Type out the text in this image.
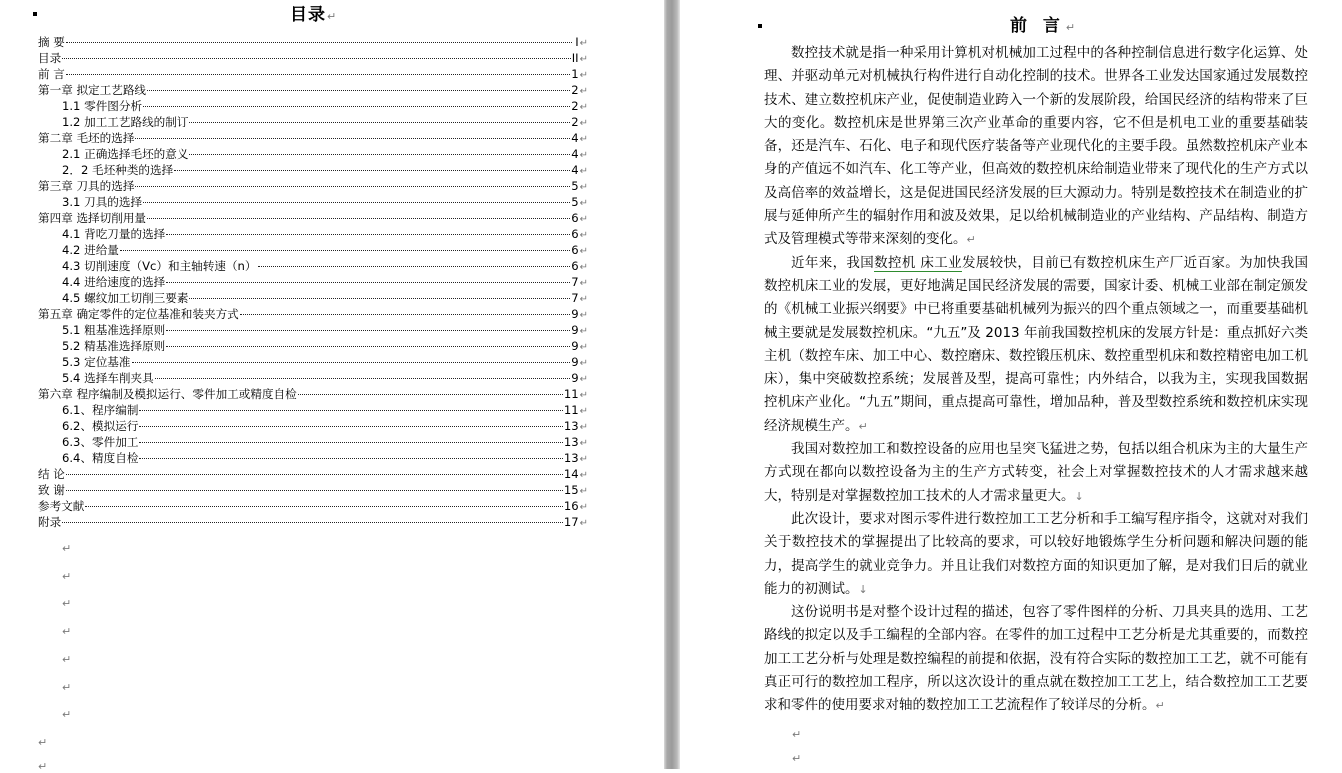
目录↵
摘 要	I ↵
目录	II ↵
前 言	1 ↵
第一章 拟定工艺路线	2 ↵
1.1 零件图分析	2 ↵
1.2 加工工艺路线的制订	2 ↵
第二章 毛坯的选择	4 ↵
2.1 正确选择毛坯的意义	4 ↵
2．2 毛坯种类的选择	4 ↵
第三章 刀具的选择	5 ↵
3.1 刀具的选择	5 ↵
第四章 选择切削用量	6 ↵
4.1 背吃刀量的选择	6 ↵
4.2 进给量	6 ↵
4.3 切削速度（Vc）和主轴转速（n）	6 ↵
4.4 进给速度的选择	7 ↵
4.5 螺纹加工切削三要素	7 ↵
第五章 确定零件的定位基准和装夹方式	9 ↵
5.1 粗基准选择原则	9 ↵
5.2 精基准选择原则	9 ↵
5.3 定位基准	9 ↵
5.4 选择车削夹具	9 ↵
第六章 程序编制及模拟运行、零件加工或精度自检	11 ↵
6.1、程序编制	11 ↵
6.2、模拟运行	13 ↵
6.3、零件加工	13 ↵
6.4、精度自检	13 ↵
结 论	14 ↵
致 谢	15 ↵
参考文献	16 ↵
附录	17 ↵
↵
↵
↵
↵
↵
↵
↵
↵
↵
↵
↵
前 言↵

数控技术就是指一种采用计算机对机械加工过程中的各种控制信息进行数字化运算、处理、并驱动单元对机械执行构件进行自动化控制的技术。世界各工业发达国家通过发展数控技术、建立数控机床产业，促使制造业跨入一个新的发展阶段，给国民经济的结构带来了巨大的变化。数控机床是世界第三次产业革命的重要内容，它不但是机电工业的重要基础装备，还是汽车、石化、电子和现代医疗装备等产业现代化的主要手段。虽然数控机床产业本身的产值远不如汽车、化工等产业，但高效的数控机床给制造业带来了现代化的生产方式以及高倍率的效益增长，这是促进国民经济发展的巨大源动力。特别是数控技术在制造业的扩展与延伸所产生的辐射作用和波及效果，足以给机械制造业的产业结构、产品结构、制造方式及管理模式等带来深刻的变化。↵

近年来，我国数控机 床工业发展较快，目前已有数控机床生产厂近百家。为加快我国数控机床工业的发展，更好地满足国民经济发展的需要，国家计委、机械工业部在制定颁发的《机械工业振兴纲要》中已将重要基础机械列为振兴的四个重点领域之一，而重要基础机械主要就是发展数控机床。“九五”及 2013 年前我国数控机床的发展方针是：重点抓好六类主机（数控车床、加工中心、数控磨床、数控锻压机床、数控重型机床和数控精密电加工机床），集中突破数控系统；发展普及型，提高可靠性；内外结合，以我为主，实现我国数据控机床产业化。“九五”期间，重点提高可靠性，增加品种，普及型数控系统和数控机床实现经济规模生产。↵

我国对数控加工和数控设备的应用也呈突飞猛进之势，包括以组合机床为主的大量生产方式现在都向以数控设备为主的生产方式转变，社会上对掌握数控技术的人才需求越来越大，特别是对掌握数控加工技术的人才需求量更大。↓

此次设计，要求对图示零件进行数控加工工艺分析和手工编写程序指令，这就对对我们关于数控技术的掌握提出了比较高的要求，可以较好地锻炼学生分析问题和解决问题的能力，提高学生的就业竞争力。并且让我们对数控方面的知识更加了解，是对我们日后的就业能力的初测试。↓

这份说明书是对整个设计过程的描述，包容了零件图样的分析、刀具夹具的选用、工艺路线的拟定以及手工编程的全部内容。在零件的加工过程中工艺分析是尤其重要的，而数控加工工艺分析与处理是数控编程的前提和依据，没有符合实际的数控加工工艺，就不可能有真正可行的数控加工程序，所以这次设计的重点就在数控加工工艺上，结合数控加工工艺要求和零件的使用要求对轴的数控加工工艺流程作了较详尽的分析。↵
